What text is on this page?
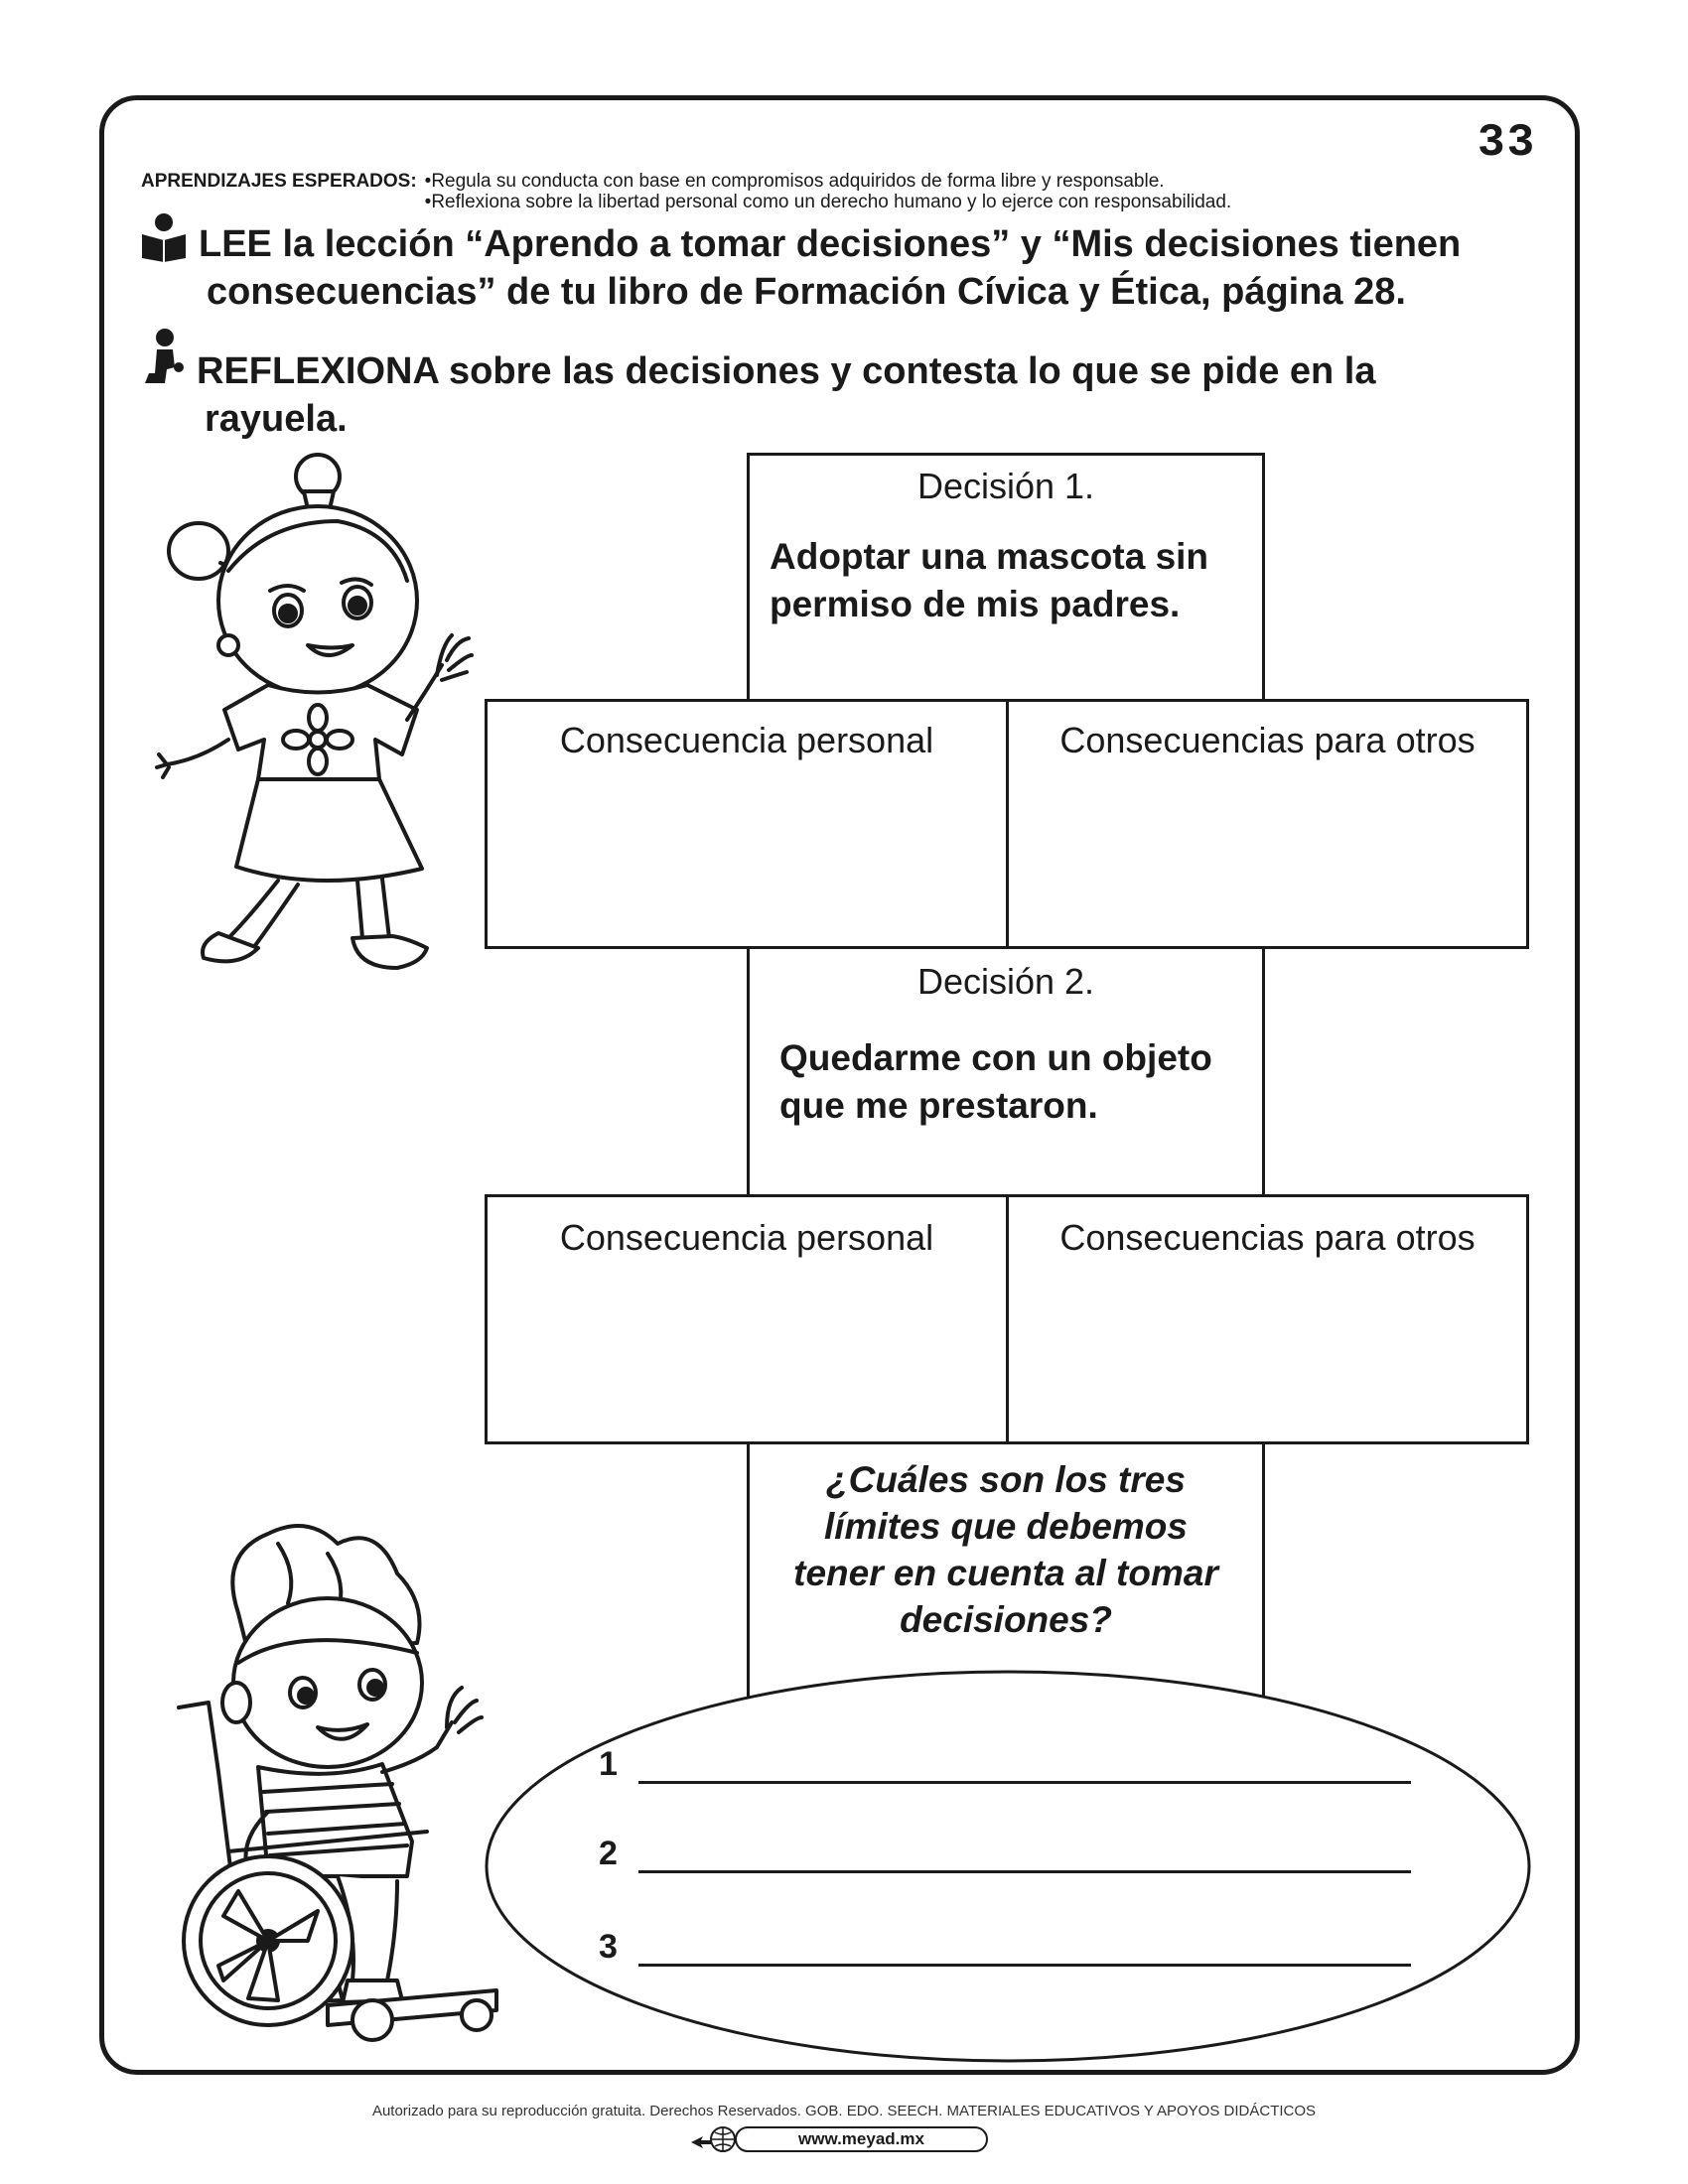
33
APRENDIZAJES ESPERADOS: •Regula su conducta con base en compromisos adquiridos de forma libre y responsable.
•Reflexiona sobre la libertad personal como un derecho humano y lo ejerce con responsabilidad.
LEE la lección “Aprendo a tomar decisiones” y “Mis decisiones tienen
consecuencias” de tu libro de Formación Cívica y Ética, página 28.
REFLEXIONA sobre las decisiones y contesta lo que se pide en la
rayuela.
Decisión 1.
Adoptar una mascota sin
permiso de mis padres.
Consecuencia personal	Consecuencias para otros
Decisión 2.
Quedarme con un objeto
que me prestaron.
Consecuencia personal	Consecuencias para otros
¿Cuáles son los tres
límites que debemos
tener en cuenta al tomar
decisiones?
1
2
3
Autorizado para su reproducción gratuita. Derechos Reservados. GOB. EDO. SEECH. MATERIALES EDUCATIVOS Y APOYOS DIDÁCTICOS
www.meyad.mx
